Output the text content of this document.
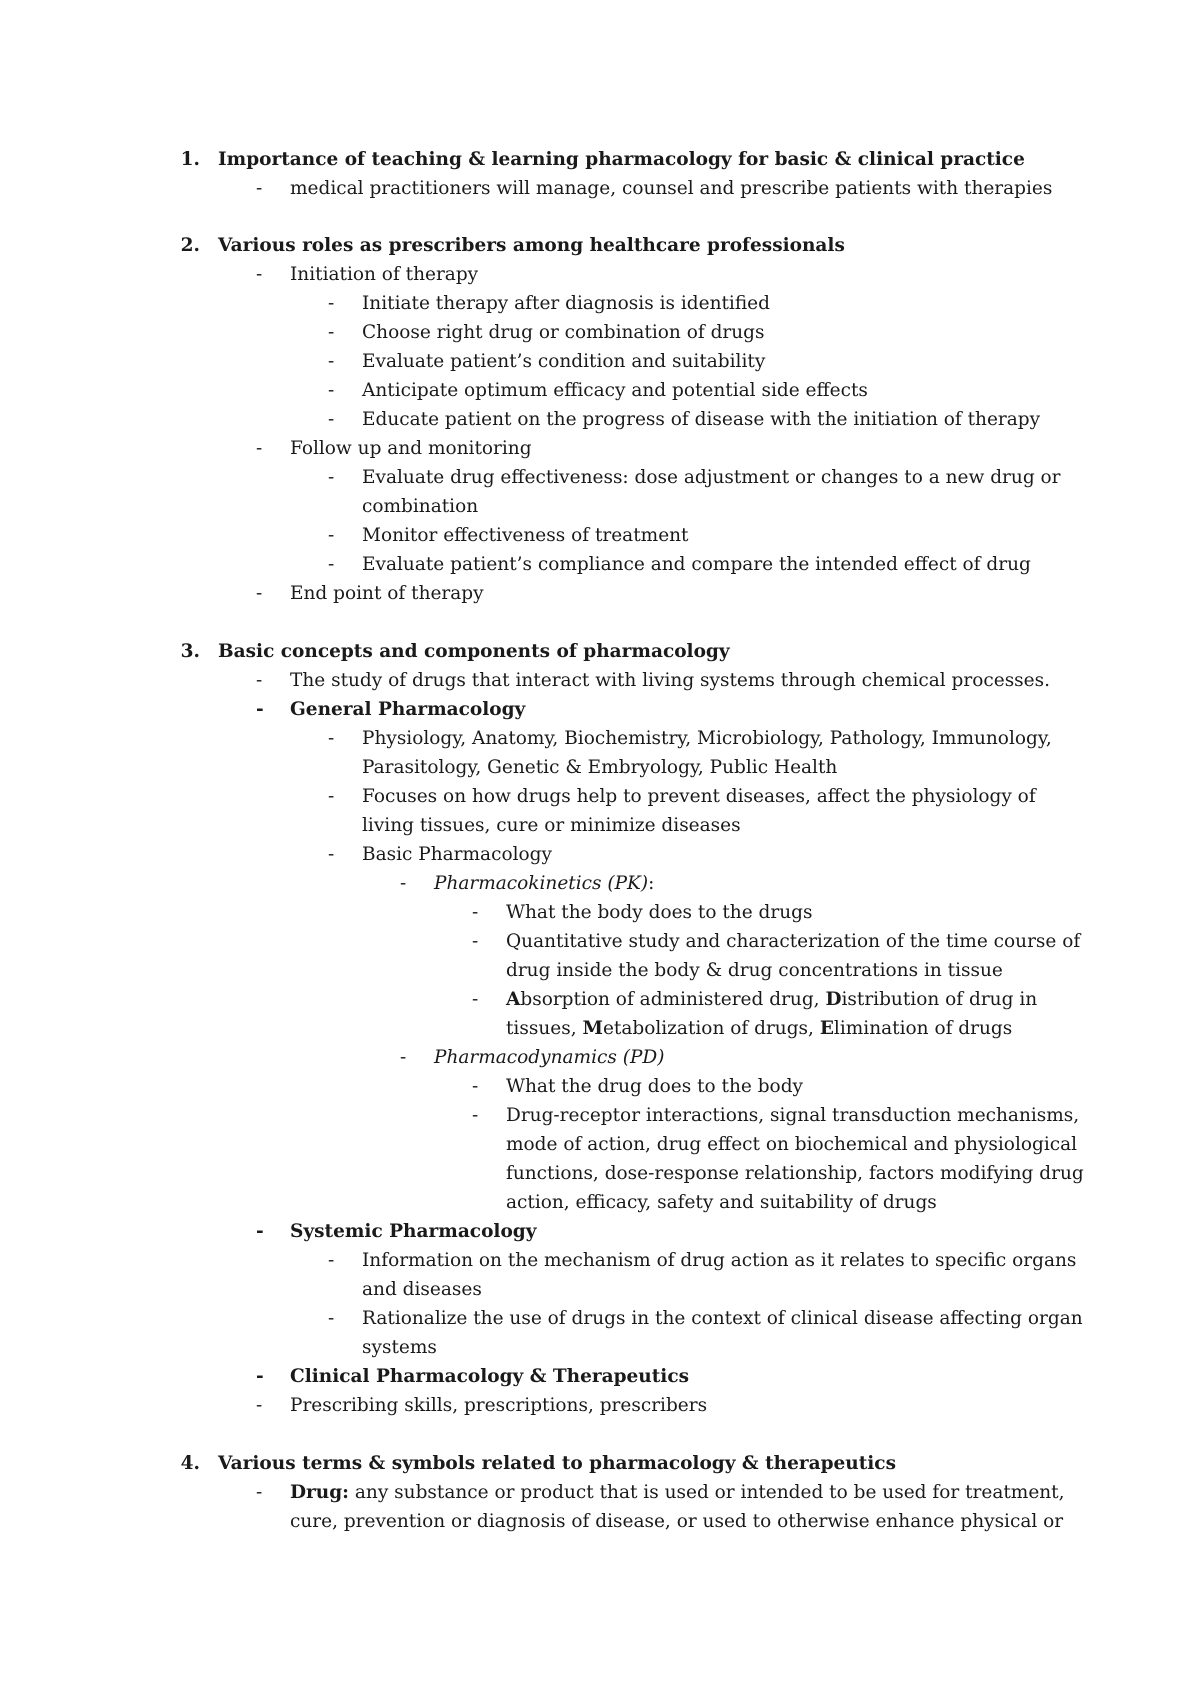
1. Importance of teaching & learning pharmacology for basic & clinical practice
-	medical practitioners will manage, counsel and prescribe patients with therapies
2. Various roles as prescribers among healthcare professionals
-	Initiation of therapy
-	Initiate therapy after diagnosis is identified
-	Choose right drug or combination of drugs
-	Evaluate patient’s condition and suitability
-	Anticipate optimum efficacy and potential side effects
-	Educate patient on the progress of disease with the initiation of therapy
-	Follow up and monitoring
-	Evaluate drug effectiveness: dose adjustment or changes to a new drug or
combination
-	Monitor effectiveness of treatment
-	Evaluate patient’s compliance and compare the intended effect of drug
-	End point of therapy
3. Basic concepts and components of pharmacology
-	The study of drugs that interact with living systems through chemical processes.
-	General Pharmacology
-	Physiology, Anatomy, Biochemistry, Microbiology, Pathology, Immunology,
Parasitology, Genetic & Embryology, Public Health
-	Focuses on how drugs help to prevent diseases, affect the physiology of
living tissues, cure or minimize diseases
-	Basic Pharmacology
-	Pharmacokinetics (PK):
-	What the body does to the drugs
-	Quantitative study and characterization of the time course of
drug inside the body & drug concentrations in tissue
-	Absorption of administered drug, Distribution of drug in
tissues, Metabolization of drugs, Elimination of drugs
-	Pharmacodynamics (PD)
-	What the drug does to the body
-	Drug-receptor interactions, signal transduction mechanisms,
mode of action, drug effect on biochemical and physiological
functions, dose-response relationship, factors modifying drug
action, efficacy, safety and suitability of drugs
-	Systemic Pharmacology
-	Information on the mechanism of drug action as it relates to specific organs
and diseases
-	Rationalize the use of drugs in the context of clinical disease affecting organ
systems
-	Clinical Pharmacology & Therapeutics
-	Prescribing skills, prescriptions, prescribers
4. Various terms & symbols related to pharmacology & therapeutics
-	Drug: any substance or product that is used or intended to be used for treatment,
cure, prevention or diagnosis of disease, or used to otherwise enhance physical or
